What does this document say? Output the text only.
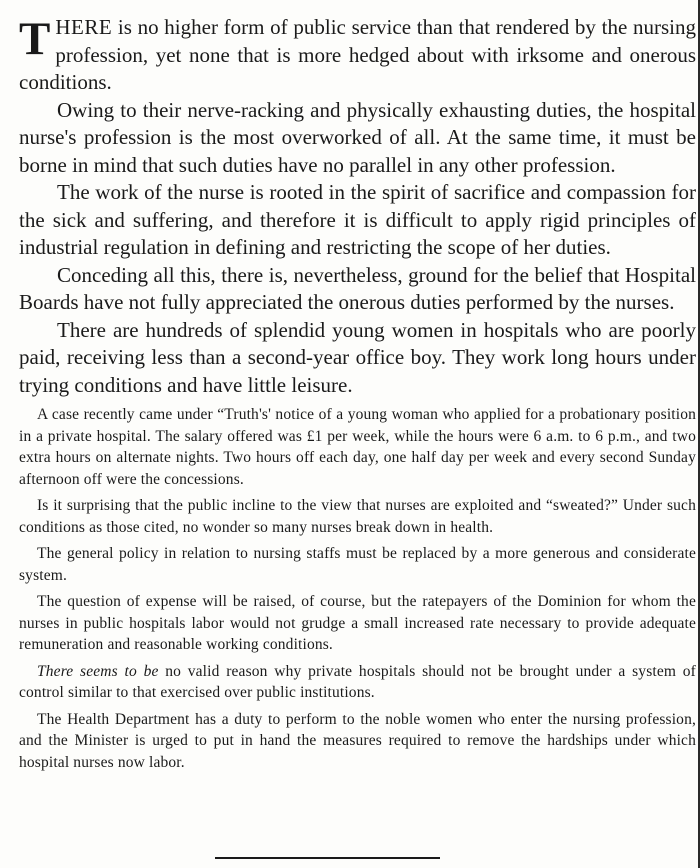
THERE is no higher form of public service than that rendered by the nursing profession, yet none that is more hedged about with irksome and onerous conditions.

Owing to their nerve-racking and physically exhausting duties, the hospital nurse's profession is the most overworked of all. At the same time, it must be borne in mind that such duties have no parallel in any other profession.

The work of the nurse is rooted in the spirit of sacrifice and compassion for the sick and suffering, and therefore it is difficult to apply rigid principles of industrial regulation in defining and restricting the scope of her duties.

Conceding all this, there is, nevertheless, ground for the belief that Hospital Boards have not fully appreciated the onerous duties performed by the nurses.

There are hundreds of splendid young women in hospitals who are poorly paid, receiving less than a second-year office boy. They work long hours under trying conditions and have little leisure.

A case recently came under “Truth's' notice of a young woman who applied for a probationary position in a private hospital. The salary offered was £1 per week, while the hours were 6 a.m. to 6 p.m., and two extra hours on alternate nights. Two hours off each day, one half day per week and every second Sunday afternoon off were the concessions.

Is it surprising that the public incline to the view that nurses are exploited and “sweated?” Under such conditions as those cited, no wonder so many nurses break down in health.

The general policy in relation to nursing staffs must be replaced by a more generous and considerate system.

The question of expense will be raised, of course, but the ratepayers of the Dominion for whom the nurses in public hospitals labor would not grudge a small increased rate necessary to provide adequate remuneration and reasonable working conditions.

There seems to be no valid reason why private hospitals should not be brought under a system of control similar to that exercised over public institutions.

The Health Department has a duty to perform to the noble women who enter the nursing profession, and the Minister is urged to put in hand the measures required to remove the hardships under which hospital nurses now labor.
